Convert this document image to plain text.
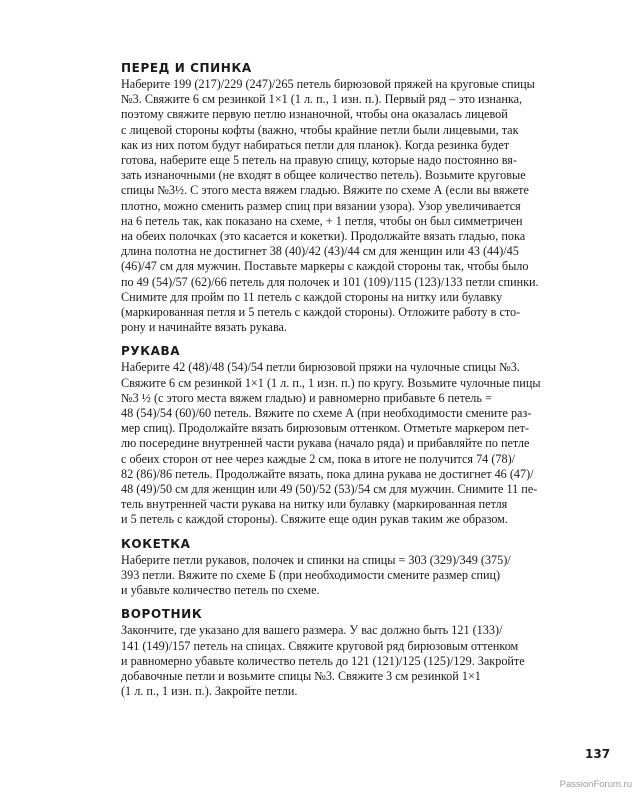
ПЕРЕД И СПИНКА

Наберите 199 (217)/229 (247)/265 петель бирюзовой пряжей на круговые спицы
№3. Свяжите 6 см резинкой 1×1 (1 л. п., 1 изн. п.). Первый ряд – это изнанка,
поэтому свяжите первую петлю изнаночной, чтобы она оказалась лицевой
с лицевой стороны кофты (важно, чтобы крайние петли были лицевыми, так
как из них потом будут набираться петли для планок). Когда резинка будет
готова, наберите еще 5 петель на правую спицу, которые надо постоянно вя-
зать изнаночными (не входят в общее количество петель). Возьмите круговые
спицы №3½. С этого места вяжем гладью. Вяжите по схеме А (если вы вяжете
плотно, можно сменить размер спиц при вязании узора). Узор увеличивается
на 6 петель так, как показано на схеме, + 1 петля, чтобы он был симметричен
на обеих полочках (это касается и кокетки). Продолжайте вязать гладью, пока
длина полотна не достигнет 38 (40)/42 (43)/44 см для женщин или 43 (44)/45
(46)/47 см для мужчин. Поставьте маркеры с каждой стороны так, чтобы было
по 49 (54)/57 (62)/66 петель для полочек и 101 (109)/115 (123)/133 петли спинки.
Снимите для пройм по 11 петель с каждой стороны на нитку или булавку
(маркированная петля и 5 петель с каждой стороны). Отложите работу в сто-
рону и начинайте вязать рукава.

РУКАВА

Наберите 42 (48)/48 (54)/54 петли бирюзовой пряжи на чулочные спицы №3.
Свяжите 6 см резинкой 1×1 (1 л. п., 1 изн. п.) по кругу. Возьмите чулочные пицы
№3 ½ (с этого места вяжем гладью) и равномерно прибавьте 6 петель =
48 (54)/54 (60)/60 петель. Вяжите по схеме А (при необходимости смените раз-
мер спиц). Продолжайте вязать бирюзовым оттенком. Отметьте маркером пет-
лю посередине внутренней части рукава (начало ряда) и прибавляйте по петле
с обеих сторон от нее через каждые 2 см, пока в итоге не получится 74 (78)/
82 (86)/86 петель. Продолжайте вязать, пока длина рукава не достигнет 46 (47)/
48 (49)/50 см для женщин или 49 (50)/52 (53)/54 см для мужчин. Снимите 11 пе-
тель внутренней части рукава на нитку или булавку (маркированная петля
и 5 петель с каждой стороны). Свяжите еще один рукав таким же образом.

КОКЕТКА

Наберите петли рукавов, полочек и спинки на спицы = 303 (329)/349 (375)/
393 петли. Вяжите по схеме Б (при необходимости смените размер спиц)
и убавьте количество петель по схеме.

ВОРОТНИК

Закончите, где указано для вашего размера. У вас должно быть 121 (133)/
141 (149)/157 петель на спицах. Свяжите круговой ряд бирюзовым оттенком
и равномерно убавьте количество петель до 121 (121)/125 (125)/129. Закройте
добавочные петли и возьмите спицы №3. Свяжите 3 см резинкой 1×1
(1 л. п., 1 изн. п.). Закройте петли.

137
PassionForum.ru
